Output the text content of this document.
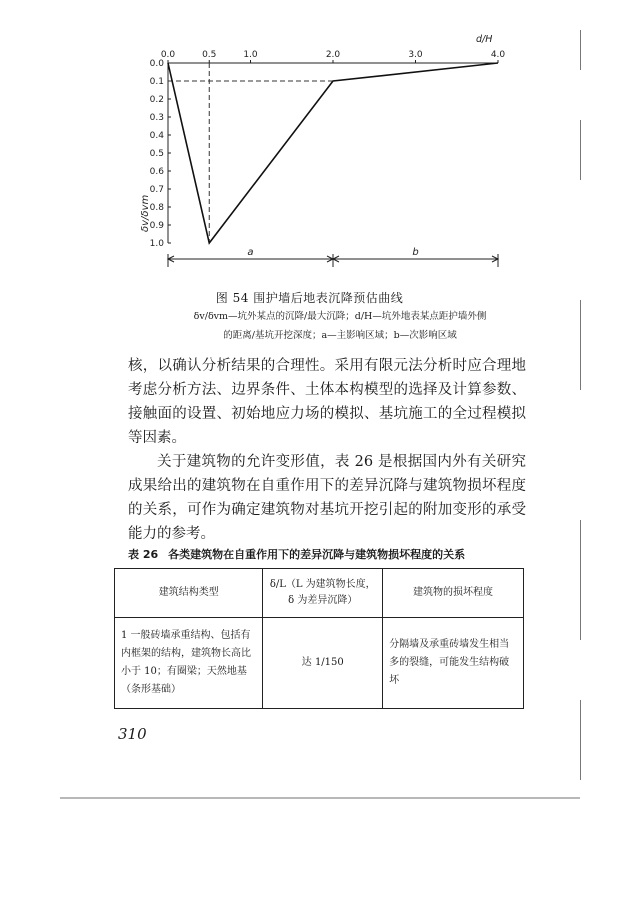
d/H
0.0	0.5	1.0	2.0	3.0	4.0
0.0
0.1
0.2
0.3
0.4
0.5
0.6
0.7
0.8
0.9
1.0
δv/δvm
a	b
图 54 围护墙后地表沉降预估曲线
δv/δvm—坑外某点的沉降/最大沉降；d/H—坑外地表某点距护墙外侧
的距离/基坑开挖深度；a—主影响区域；b—次影响区域

核，以确认分析结果的合理性。采用有限元法分析时应合理地考虑分析方法、边界条件、土体本构模型的选择及计算参数、接触面的设置、初始地应力场的模拟、基坑施工的全过程模拟等因素。

关于建筑物的允许变形值，表 26 是根据国内外有关研究成果给出的建筑物在自重作用下的差异沉降与建筑物损坏程度的关系，可作为确定建筑物对基坑开挖引起的附加变形的承受能力的参考。

表 26 各类建筑物在自重作用下的差异沉降与建筑物损坏程度的关系
建筑结构类型	δ/L（L 为建筑物长度，δ 为差异沉降）	建筑物的损坏程度
1 一般砖墙承重结构、包括有内框架的结构，建筑物长高比小于 10；有圈梁；天然地基（条形基础）	达 1/150	分隔墙及承重砖墙发生相当多的裂缝，可能发生结构破坏
310
